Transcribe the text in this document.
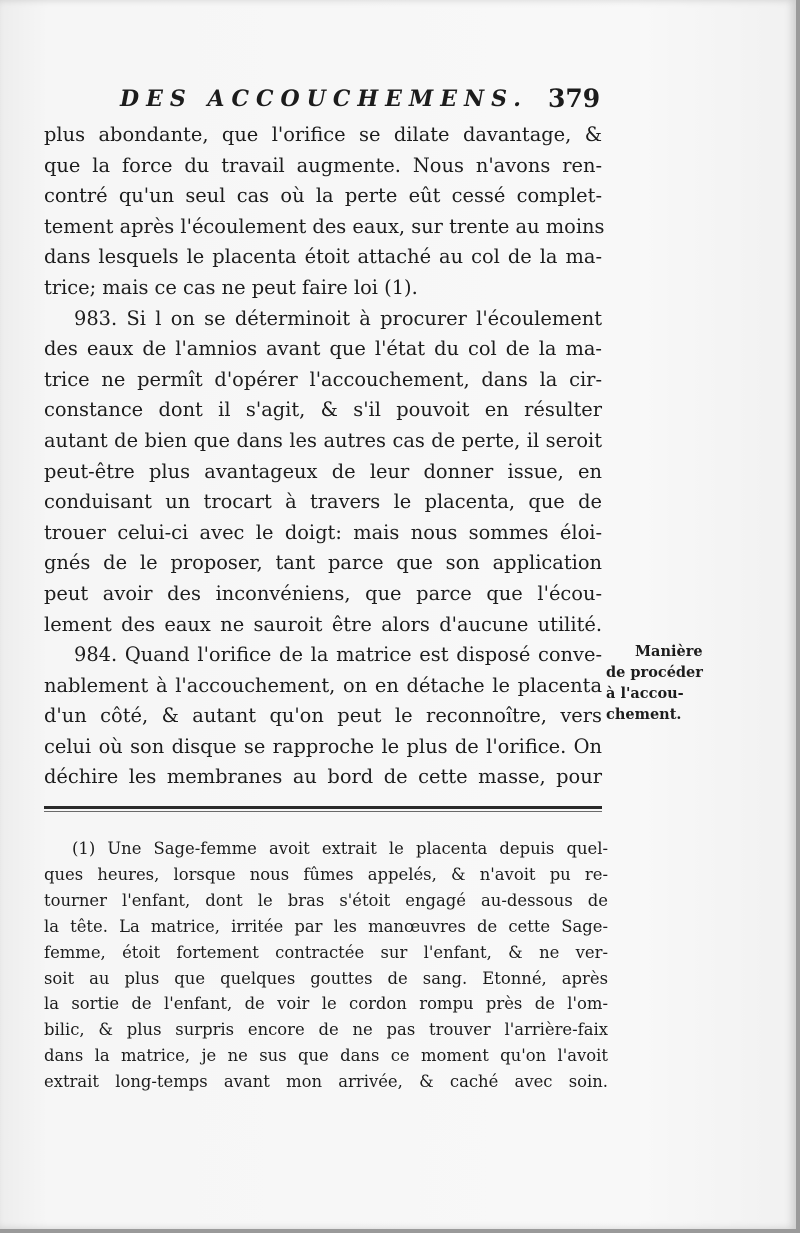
DES ACCOUCHEMENS. 379
plus abondante, que l'orifice se dilate davantage, &
que la force du travail augmente. Nous n'avons ren-
contré qu'un seul cas où la perte eût cessé complet-
tement après l'écoulement des eaux, sur trente au moins
dans lesquels le placenta étoit attaché au col de la ma-
trice; mais ce cas ne peut faire loi (1).
983. Si l on se déterminoit à procurer l'écoulement
des eaux de l'amnios avant que l'état du col de la ma-
trice ne permît d'opérer l'accouchement, dans la cir-
constance dont il s'agit, & s'il pouvoit en résulter
autant de bien que dans les autres cas de perte, il seroit
peut-être plus avantageux de leur donner issue, en
conduisant un trocart à travers le placenta, que de
trouer celui-ci avec le doigt: mais nous sommes éloi-
gnés de le proposer, tant parce que son application
peut avoir des inconvéniens, que parce que l'écou-
lement des eaux ne sauroit être alors d'aucune utilité.
984. Quand l'orifice de la matrice est disposé conve-
nablement à l'accouchement, on en détache le placenta
d'un côté, & autant qu'on peut le reconnoître, vers
celui où son disque se rapproche le plus de l'orifice. On
déchire les membranes au bord de cette masse, pour
Manière
de procéder
à l'accou-
chement.
(1) Une Sage-femme avoit extrait le placenta depuis quel-
ques heures, lorsque nous fûmes appelés, & n'avoit pu re-
tourner l'enfant, dont le bras s'étoit engagé au-dessous de
la tête. La matrice, irritée par les manœuvres de cette Sage-
femme, étoit fortement contractée sur l'enfant, & ne ver-
soit au plus que quelques gouttes de sang. Etonné, après
la sortie de l'enfant, de voir le cordon rompu près de l'om-
bilic, & plus surpris encore de ne pas trouver l'arrière-faix
dans la matrice, je ne sus que dans ce moment qu'on l'avoit
extrait long-temps avant mon arrivée, & caché avec soin.
